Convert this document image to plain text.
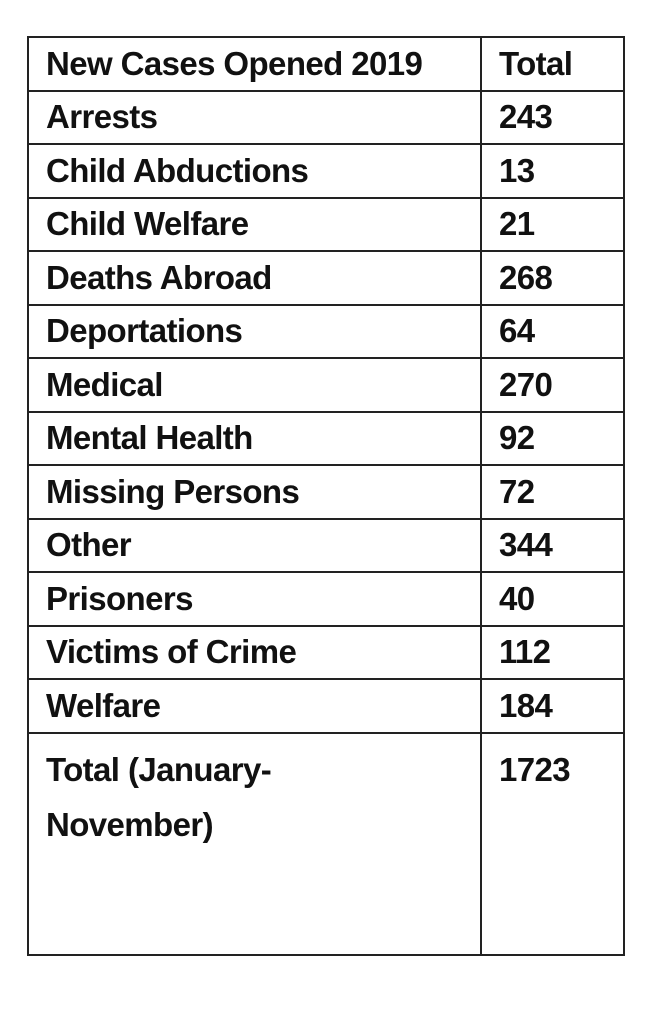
New Cases Opened 2019	Total
Arrests	243
Child Abductions	13
Child Welfare	21
Deaths Abroad	268
Deportations	64
Medical	270
Mental Health	92
Missing Persons	72
Other	344
Prisoners	40
Victims of Crime	112
Welfare	184
Total (January-November)	1723
